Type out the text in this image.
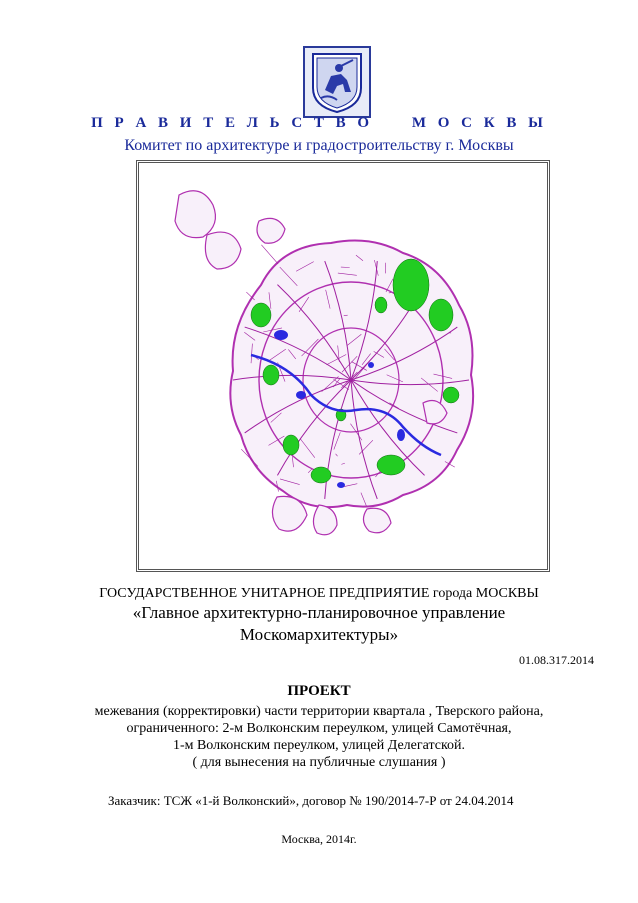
П Р А В И Т Е Л Ь С Т В О     М О С К В Ы
Комитет по архитектуре и градостроительству г. Москвы
ГОСУДАРСТВЕННОЕ УНИТАРНОЕ ПРЕДПРИЯТИЕ города МОСКВЫ
«Главное архитектурно-планировочное управление
Москомархитектуры»
01.08.317.2014
ПРОЕКТ
межевания (корректировки) части территории квартала , Тверского района,
ограниченного: 2-м Волконским переулком, улицей Самотёчная,
1-м Волконским переулком, улицей Делегатской.
( для вынесения на публичные слушания )
Заказчик: ТСЖ «1-й Волконский», договор № 190/2014-7-Р от 24.04.2014
Москва, 2014г.
